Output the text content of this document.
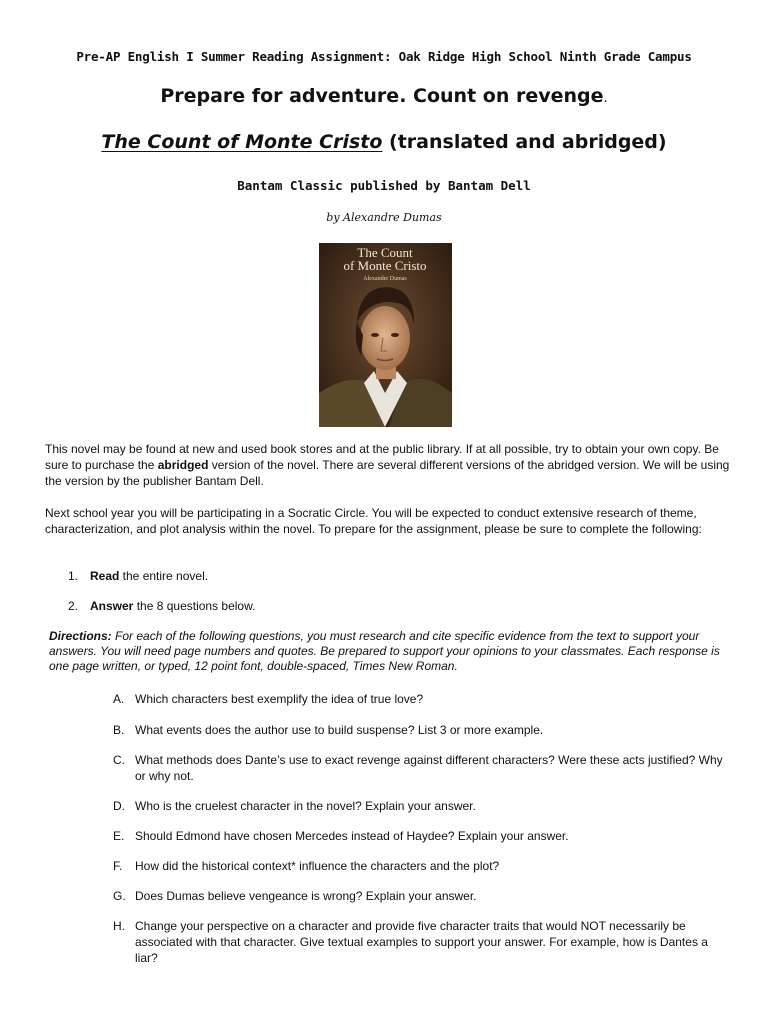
Pre-AP English I Summer Reading Assignment: Oak Ridge High School Ninth Grade Campus
Prepare for adventure. Count on revenge.
The Count of Monte Cristo (translated and abridged)
Bantam Classic published by Bantam Dell
by Alexandre Dumas
The Count
of Monte Cristo
Alexander Dumas
This novel may be found at new and used book stores and at the public library. If at all possible, try to obtain your own copy. Be sure to purchase the abridged version of the novel. There are several different versions of the abridged version. We will be using the version by the publisher Bantam Dell.
Next school year you will be participating in a Socratic Circle. You will be expected to conduct extensive research of theme, characterization, and plot analysis within the novel. To prepare for the assignment, please be sure to complete the following:
1. Read the entire novel.
2. Answer the 8 questions below.
Directions: For each of the following questions, you must research and cite specific evidence from the text to support your answers. You will need page numbers and quotes. Be prepared to support your opinions to your classmates. Each response is one page written, or typed, 12 point font, double-spaced, Times New Roman.
A. Which characters best exemplify the idea of true love?
B. What events does the author use to build suspense? List 3 or more example.
C. What methods does Dante’s use to exact revenge against different characters? Were these acts justified? Why or why not.
D. Who is the cruelest character in the novel? Explain your answer.
E. Should Edmond have chosen Mercedes instead of Haydee? Explain your answer.
F.	How did the historical context* influence the characters and the plot?
G. Does Dumas believe vengeance is wrong? Explain your answer.
H. Change your perspective on a character and provide five character traits that would NOT necessarily be associated with that character. Give textual examples to support your answer. For example, how is Dantes a liar?
